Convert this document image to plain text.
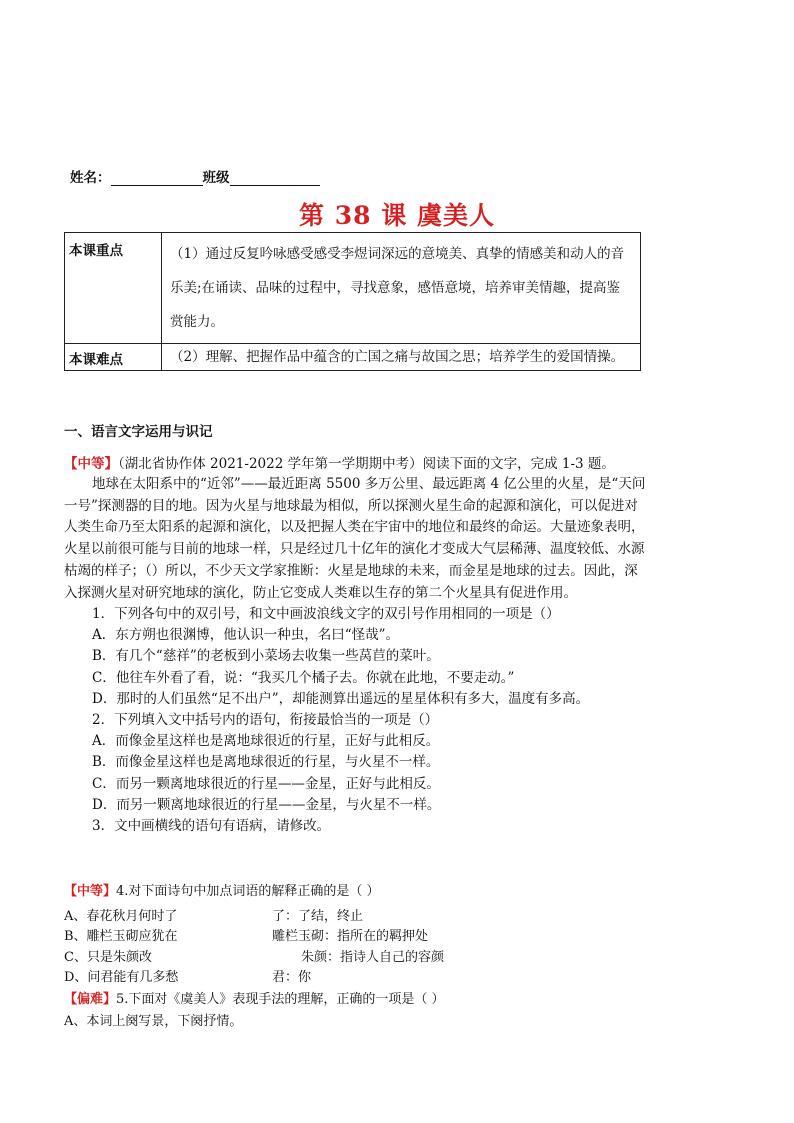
姓名：	班级
第 38 课 虞美人
本课重点	（1）通过反复吟咏感受感受李煜词深远的意境美、真挚的情感美和动人的音乐美;在诵读、品味的过程中，寻找意象，感悟意境，培养审美情趣，提高鉴赏能力。
本课难点	（2）理解、把握作品中蕴含的亡国之痛与故国之思；培养学生的爱国情操。
一、语言文字运用与识记
【中等】（湖北省协作体 2021-2022 学年第一学期期中考）阅读下面的文字，完成 1-3 题。
地球在太阳系中的“近邻”——最近距离 5500 多万公里、最远距离 4 亿公里的火星，是“天问
一号”探测器的目的地。因为火星与地球最为相似，所以探测火星生命的起源和演化，可以促进对
人类生命乃至太阳系的起源和演化，以及把握人类在宇宙中的地位和最终的命运。大量迹象表明，
火星以前很可能与目前的地球一样，只是经过几十亿年的演化才变成大气层稀薄、温度较低、水源
枯竭的样子；（）所以，不少天文学家推断：火星是地球的未来，而金星是地球的过去。因此，深
入探测火星对研究地球的演化，防止它变成人类难以生存的第二个火星具有促进作用。
1．下列各句中的双引号，和文中画波浪线文字的双引号作用相同的一项是（）
A．东方朔也很渊博，他认识一种虫，名曰“怪哉”。
B．有几个“慈祥”的老板到小菜场去收集一些莴苣的菜叶。
C．他往车外看了看，说：“我买几个橘子去。你就在此地，不要走动。”
D．那时的人们虽然“足不出户”，却能测算出遥远的星星体积有多大，温度有多高。
2．下列填入文中括号内的语句，衔接最恰当的一项是（）
A．而像金星这样也是离地球很近的行星，正好与此相反。
B．而像金星这样也是离地球很近的行星，与火星不一样。
C．而另一颗离地球很近的行星——金星，正好与此相反。
D．而另一颗离地球很近的行星——金星，与火星不一样。
3．文中画横线的语句有语病，请修改。
【中等】4.对下面诗句中加点词语的解释正确的是（ ）
A、春花秋月何时了	了：了结，终止
B、雕栏玉砌应犹在	雕栏玉砌：指所在的羁押处
C、只是朱颜改	朱颜：指诗人自己的容颜
D、问君能有几多愁	君：你
【偏难】5.下面对《虞美人》表现手法的理解，正确的一项是（ ）
A、本词上阕写景，下阕抒情。
